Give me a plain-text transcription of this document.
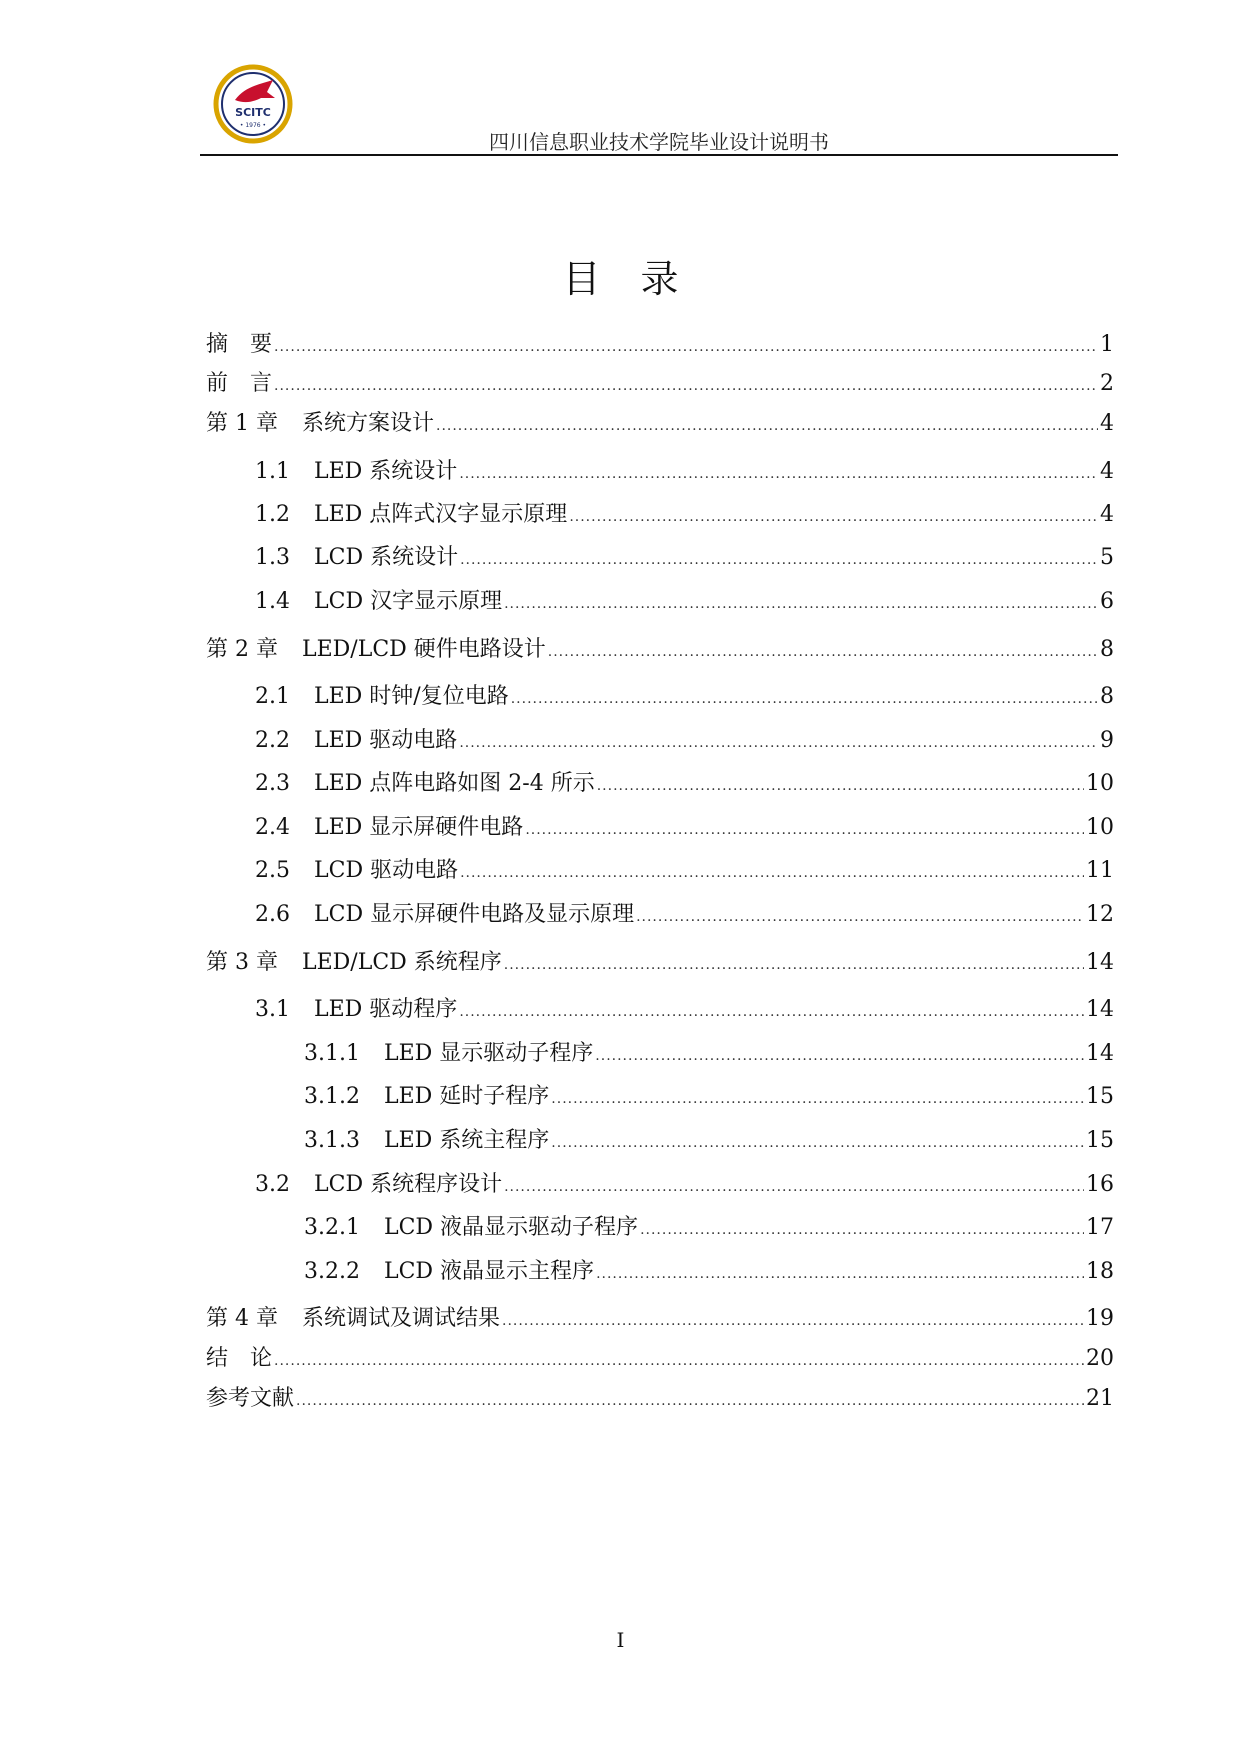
SCITC
• 1976 •
四川信息职业技术学院毕业设计说明书
目录
摘　要 .....	1
前　言 .....	2
第 1 章 系统方案设计 .....	4
1.1 LED 系统设计 .....	4
1.2 LED 点阵式汉字显示原理 .....	4
1.3 LCD 系统设计 .....	5
1.4 LCD 汉字显示原理 .....	6
第 2 章 LED/LCD 硬件电路设计 .....	8
2.1 LED 时钟/复位电路 .....	8
2.2 LED 驱动电路 .....	9
2.3 LED 点阵电路如图 2-4 所示 .....	10
2.4 LED 显示屏硬件电路 .....	10
2.5 LCD 驱动电路 .....	11
2.6 LCD 显示屏硬件电路及显示原理 .....	12
第 3 章 LED/LCD 系统程序 .....	14
3.1 LED 驱动程序 .....	14
3.1.1 LED 显示驱动子程序 .....	14
3.1.2 LED 延时子程序 .....	15
3.1.3 LED 系统主程序 .....	15
3.2 LCD 系统程序设计 .....	16
3.2.1 LCD 液晶显示驱动子程序 .....	17
3.2.2 LCD 液晶显示主程序 .....	18
第 4 章 系统调试及调试结果 .....	19
结　论 .....	20
参考文献 .....	21
I
